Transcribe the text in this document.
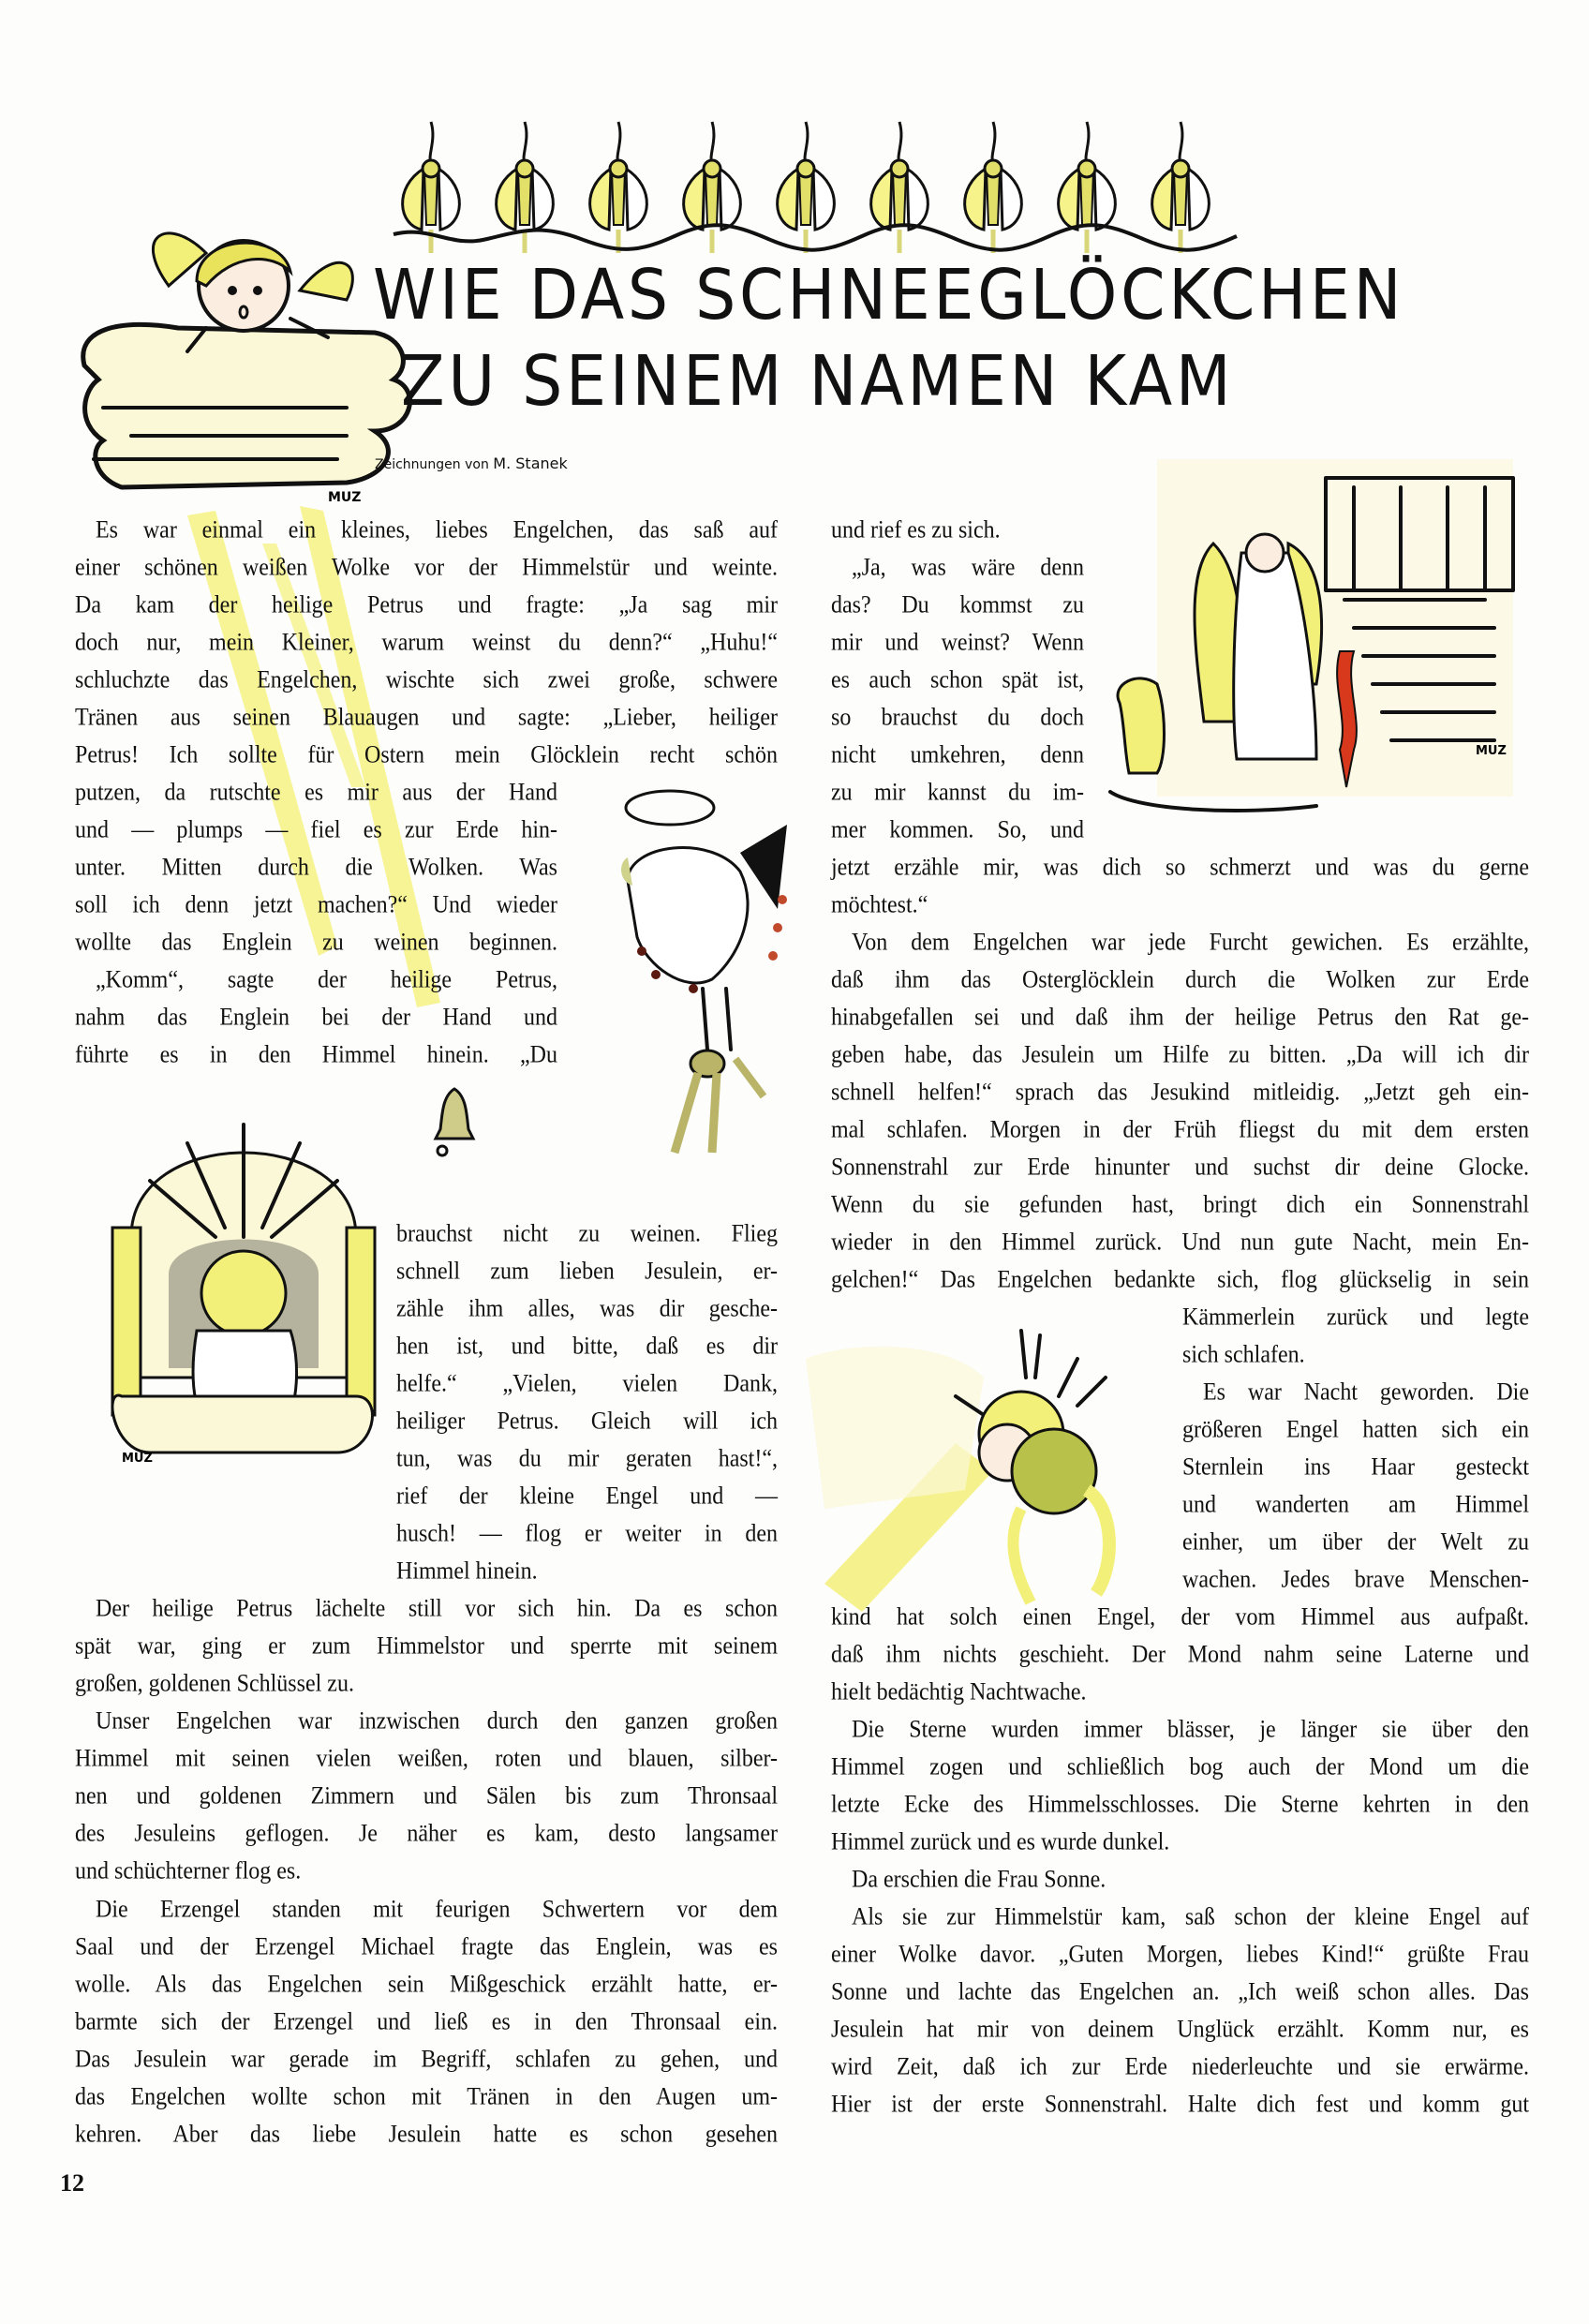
MUZ
WIE DAS SCHNEEGLÖCKCHEN
ZU SEINEM NAMEN KAM
Zeichnungen von M. Stanek
MUZ
MUZ
Es war einmal ein kleines, liebes Engelchen, das saß auf
einer schönen weißen Wolke vor der Himmelstür und weinte.
Da kam der heilige Petrus und fragte: „Ja sag mir
doch nur, mein Kleiner, warum weinst du denn?“ „Huhu!“
schluchzte das Engelchen, wischte sich zwei große, schwere
Tränen aus seinen Blauaugen und sagte: „Lieber, heiliger
Petrus! Ich sollte für Ostern mein Glöcklein recht schön
putzen, da rutschte es mir aus der Hand
und — plumps — fiel es zur Erde hin-
unter. Mitten durch die Wolken. Was
soll ich denn jetzt machen?“ Und wieder
wollte das Englein zu weinen beginnen.
„Komm“, sagte der heilige Petrus,
nahm das Englein bei der Hand und
führte es in den Himmel hinein. „Du
brauchst nicht zu weinen. Flieg
schnell zum lieben Jesulein, er-
zähle ihm alles, was dir gesche-
hen ist, und bitte, daß es dir
helfe.“ „Vielen, vielen Dank,
heiliger Petrus. Gleich will ich
tun, was du mir geraten hast!“,
rief der kleine Engel und —
husch! — flog er weiter in den
Himmel hinein.
Der heilige Petrus lächelte still vor sich hin. Da es schon
spät war, ging er zum Himmelstor und sperrte mit seinem
großen, goldenen Schlüssel zu.
Unser Engelchen war inzwischen durch den ganzen großen
Himmel mit seinen vielen weißen, roten und blauen, silber-
nen und goldenen Zimmern und Sälen bis zum Thronsaal
des Jesuleins geflogen. Je näher es kam, desto langsamer
und schüchterner flog es.
Die Erzengel standen mit feurigen Schwertern vor dem
Saal und der Erzengel Michael fragte das Englein, was es
wolle. Als das Engelchen sein Mißgeschick erzählt hatte, er-
barmte sich der Erzengel und ließ es in den Thronsaal ein.
Das Jesulein war gerade im Begriff, schlafen zu gehen, und
das Engelchen wollte schon mit Tränen in den Augen um-
kehren. Aber das liebe Jesulein hatte es schon gesehen
und rief es zu sich.
„Ja, was wäre denn
das? Du kommst zu
mir und weinst? Wenn
es auch schon spät ist,
so brauchst du doch
nicht umkehren, denn
zu mir kannst du im-
mer kommen. So, und
jetzt erzähle mir, was dich so schmerzt und was du gerne
möchtest.“
Von dem Engelchen war jede Furcht gewichen. Es erzählte,
daß ihm das Osterglöcklein durch die Wolken zur Erde
hinabgefallen sei und daß ihm der heilige Petrus den Rat ge-
geben habe, das Jesulein um Hilfe zu bitten. „Da will ich dir
schnell helfen!“ sprach das Jesukind mitleidig. „Jetzt geh ein-
mal schlafen. Morgen in der Früh fliegst du mit dem ersten
Sonnenstrahl zur Erde hinunter und suchst dir deine Glocke.
Wenn du sie gefunden hast, bringt dich ein Sonnenstrahl
wieder in den Himmel zurück. Und nun gute Nacht, mein En-
gelchen!“ Das Engelchen bedankte sich, flog glückselig in sein
Kämmerlein zurück und legte
sich schlafen.
Es war Nacht geworden. Die
größeren Engel hatten sich ein
Sternlein ins Haar gesteckt
und wanderten am Himmel
einher, um über der Welt zu
wachen. Jedes brave Menschen-
kind hat solch einen Engel, der vom Himmel aus aufpaßt.
daß ihm nichts geschieht. Der Mond nahm seine Laterne und
hielt bedächtig Nachtwache.
Die Sterne wurden immer blässer, je länger sie über den
Himmel zogen und schließlich bog auch der Mond um die
letzte Ecke des Himmelsschlosses. Die Sterne kehrten in den
Himmel zurück und es wurde dunkel.
Da erschien die Frau Sonne.
Als sie zur Himmelstür kam, saß schon der kleine Engel auf
einer Wolke davor. „Guten Morgen, liebes Kind!“ grüßte Frau
Sonne und lachte das Engelchen an. „Ich weiß schon alles. Das
Jesulein hat mir von deinem Unglück erzählt. Komm nur, es
wird Zeit, daß ich zur Erde niederleuchte und sie erwärme.
Hier ist der erste Sonnenstrahl. Halte dich fest und komm gut
12
